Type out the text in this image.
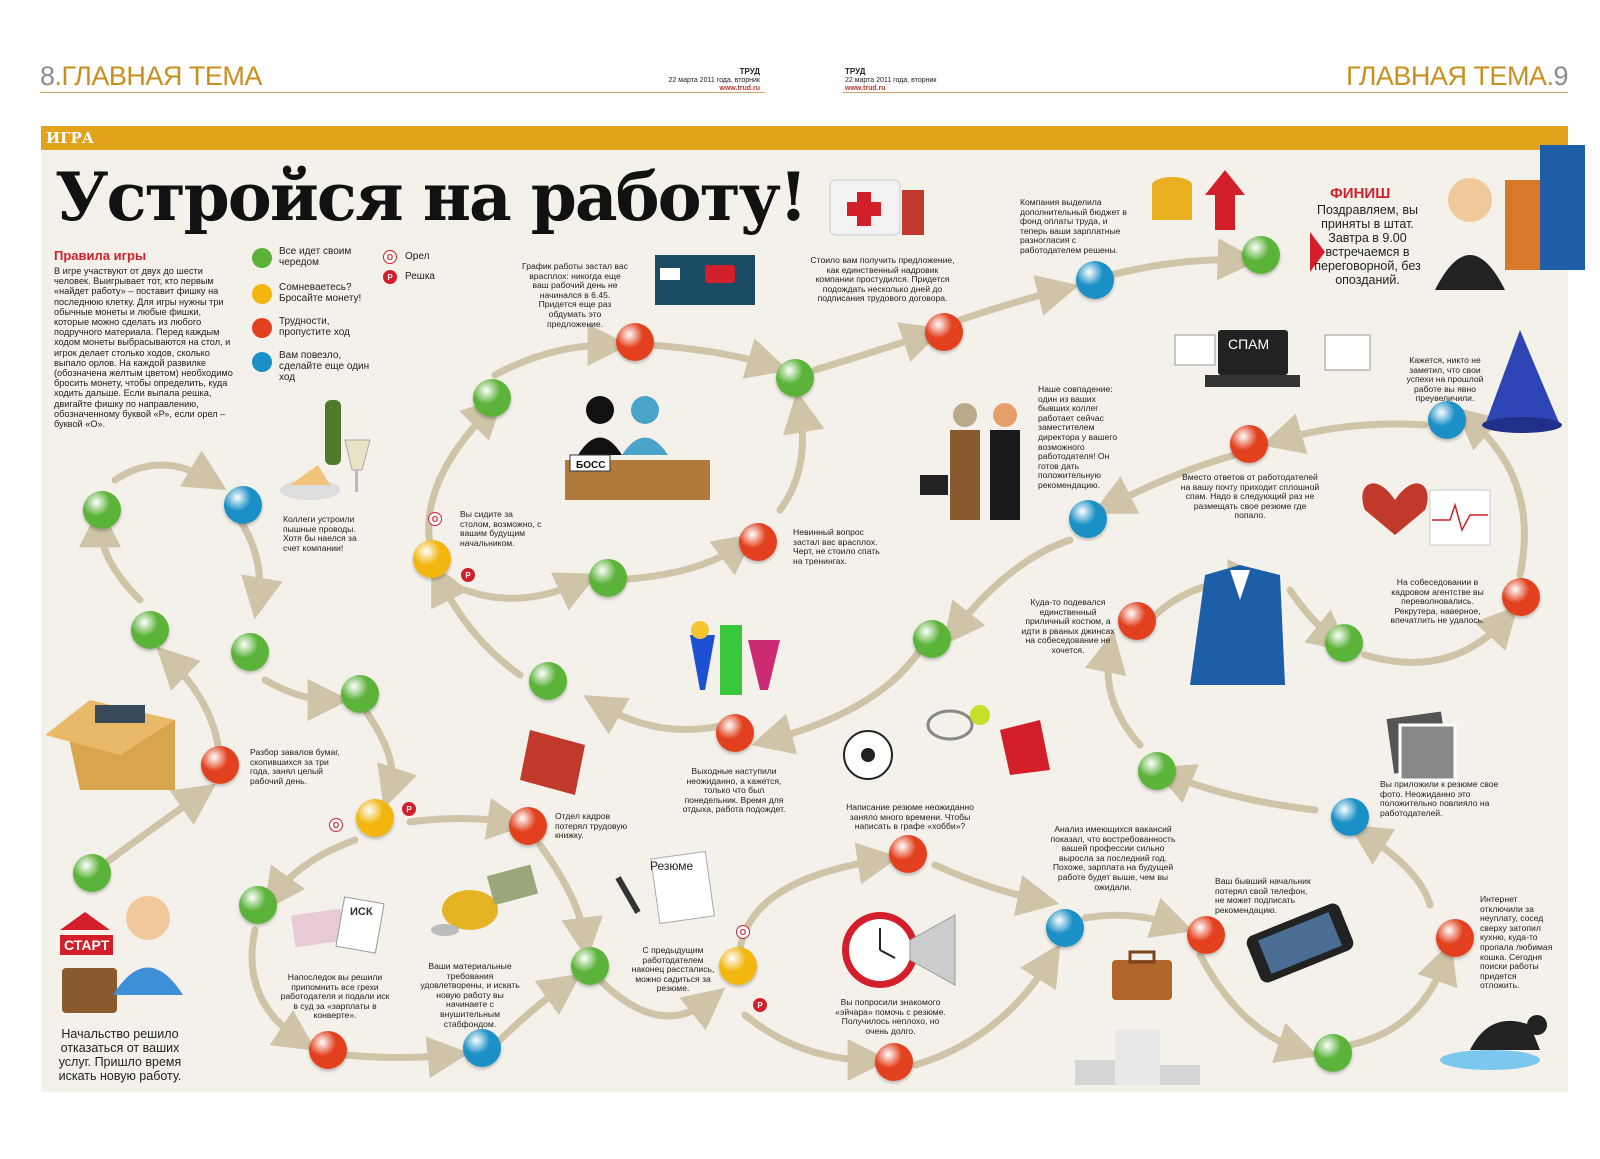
8.ГЛАВНАЯ ТЕМА	ТРУД
22 марта 2011 года, вторник
www.trud.ru
ТРУД
22 марта 2011 года, вторник
www.trud.ru	ГЛАВНАЯ ТЕМА.9
ИГРА
Устройся на работу!
Правила игры
В игре участвуют от двух до шести человек. Выигрывает тот, кто первым «найдет работу» – поставит фишку на последнюю клетку. Для игры нужны три обычные монеты и любые фишки, которые можно сделать из любого подручного материала. Перед каждым ходом монеты выбрасываются на стол, и игрок делает столько ходов, сколько выпало орлов. На каждой развилке (обозначена желтым цветом) необходимо бросить монету, чтобы определить, куда ходить дальше. Если выпала решка, двигайте фишку по направлению, обозначенному буквой «Р», если орел – буквой «О».
Все идет своим чередом
Сомневаетесь? Бросайте монету!
Трудности, пропустите ход
Вам повезло, сделайте еще один ход
О	Орел
Р	Решка
О
Р
О
Р
О
Р
ИСК
Резюме
БОСС
СПАМ
СТАРТ
Начальство решило отказаться от ваших услуг. Пришло время искать новую работу.
ФИНИШ
Поздравляем, вы приняты в штат. Завтра в 9.00 встречаемся в переговорной, без опозданий.
Коллеги устроили пышные проводы. Хотя бы наелся за счет компании!
Разбор завалов бумаг, скопившихся за три года, занял целый рабочий день.
Напоследок вы решили припомнить все грехи работодателя и подали иск в суд за «зарплаты в конверте».
Отдел кадров потерял трудовую книжку.
Ваши материальные требования удовлетворены, и искать новую работу вы начинаете с внушительным стабфондом.
С предыдущим работодателем наконец расстались, можно садиться за резюме.
Вы сидите за столом, возможно, с вашим будущим начальником.
График работы застал вас врасплох: никогда еще ваш рабочий день не начинался в 6.45. Придется еще раз обдумать это предложение.
Невинный вопрос застал вас врасплох. Черт, не стоило спать на тренингах.
Выходные наступили неожиданно, а кажется, только что был понедельник. Время для отдыха, работа подождет.
Стоило вам получить предложение, как единственный надровик компании простудился. Придется подождать несколько дней до подписания трудового договора.
Написание резюме неожиданно заняло много времени. Чтобы написать в графе «хобби»?
Вы попросили знакомого «эйчара» помочь с резюме. Получилось неплохо, но очень долго.
Компания выделила дополнительный бюджет в фонд оплаты труда, и теперь ваши зарплатные разногласия с работодателем решены.
Вместо ответов от работодателей на вашу почту приходит сплошной спам. Надо в следующий раз не размещать свое резюме где попало.
Кажется, никто не заметил, что свои успехи на прошлой работе вы явно преувеличили.
Наше совпадение: один из ваших бывших коллег работает сейчас заместителем директора у вашего возможного работодателя! Он готов дать положительную рекомендацию.
Куда-то подевался единственный приличный костюм, а идти в рваных джинсах на собеседование не хочется.
На собеседовании в кадровом агентстве вы переволновались. Рекрутера, наверное, впечатлить не удалось.
Анализ имеющихся вакансий показал, что востребованность вашей профессии сильно выросла за последний год. Похоже, зарплата на будущей работе будет выше, чем вы ожидали.
Вы приложили к резюме свое фото. Неожиданно это положительно повлияло на работодателей.
Ваш бывший начальник потерял свой телефон, не может подписать рекомендацию.
Интернет отключили за неуплату, сосед сверху затопил кухню, куда-то пропала любимая кошка. Сегодня поиски работы придется отложить.
